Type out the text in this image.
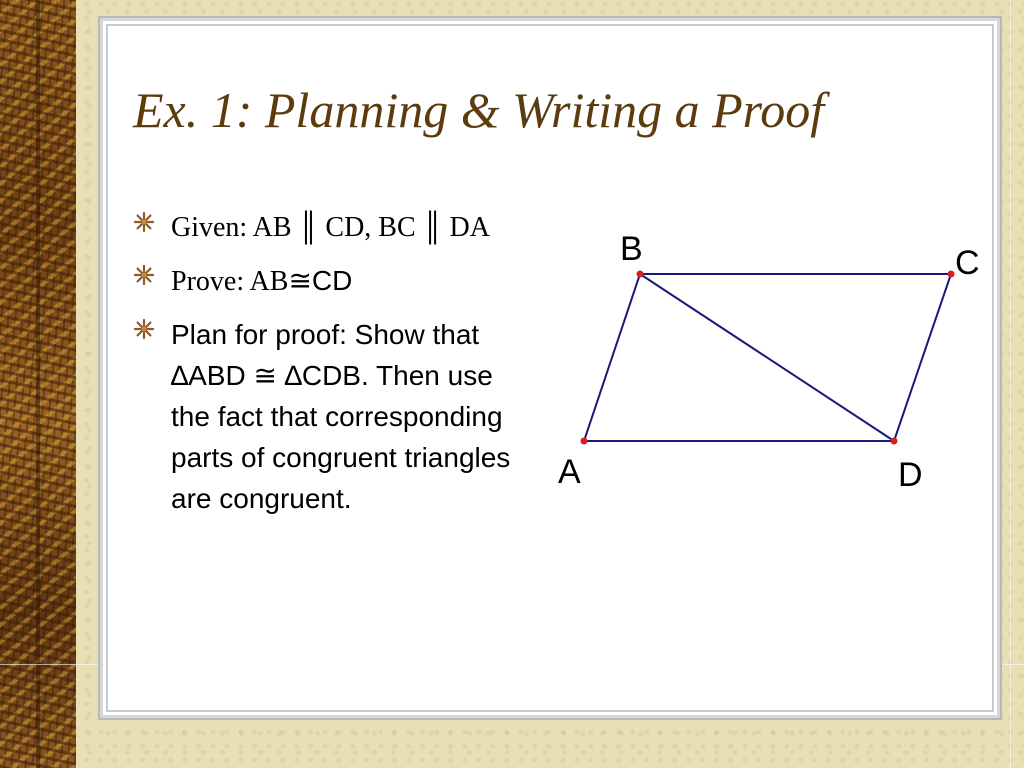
Ex. 1: Planning & Writing a Proof
Given: AB ║ CD, BC ║ DA
Prove: AB≅CD
Plan for proof: Show that ∆ABD ≅ ∆CDB. Then use the fact that corresponding parts of congruent triangles are congruent.
B	C
A	D
